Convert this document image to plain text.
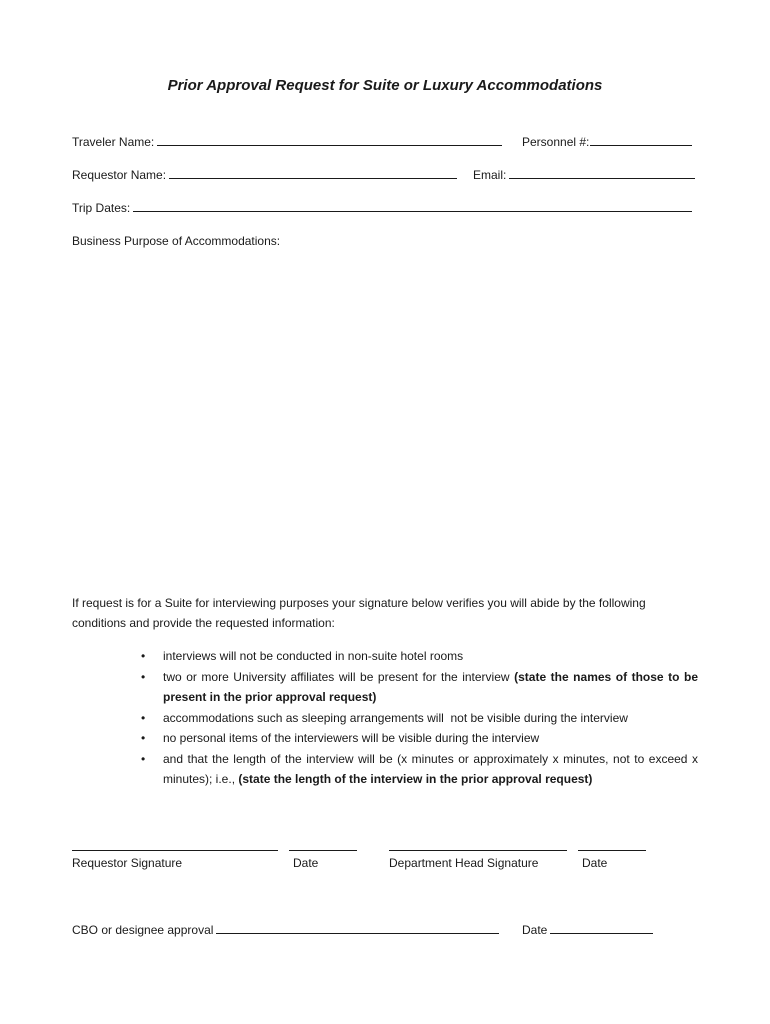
Prior Approval Request for Suite or Luxury Accommodations
Traveler Name:	Personnel #:
Requestor Name:	Email:
Trip Dates:
Business Purpose of Accommodations:
If request is for a Suite for interviewing purposes your signature below verifies you will abide by the following conditions and provide the requested information:
• interviews will not be conducted in non-suite hotel rooms
• two or more University affiliates will be present for the interview (state the names of those to be present in the prior approval request)
• accommodations such as sleeping arrangements will  not be visible during the interview
• no personal items of the interviewers will be visible during the interview
• and that the length of the interview will be (x minutes or approximately x minutes, not to exceed x minutes); i.e., (state the length of the interview in the prior approval request)
Requestor Signature	Date	Department Head Signature	Date
CBO or designee approval	Date
